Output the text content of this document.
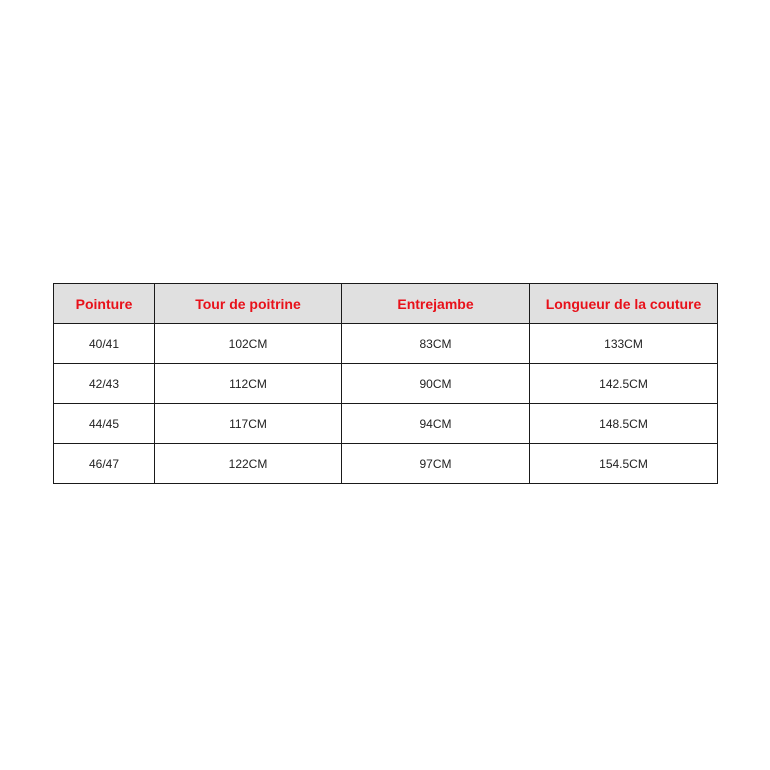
Pointure	Tour de poitrine	Entrejambe	Longueur de la couture
40/41	102CM	83CM	133CM
42/43	112CM	90CM	142.5CM
44/45	117CM	94CM	148.5CM
46/47	122CM	97CM	154.5CM
